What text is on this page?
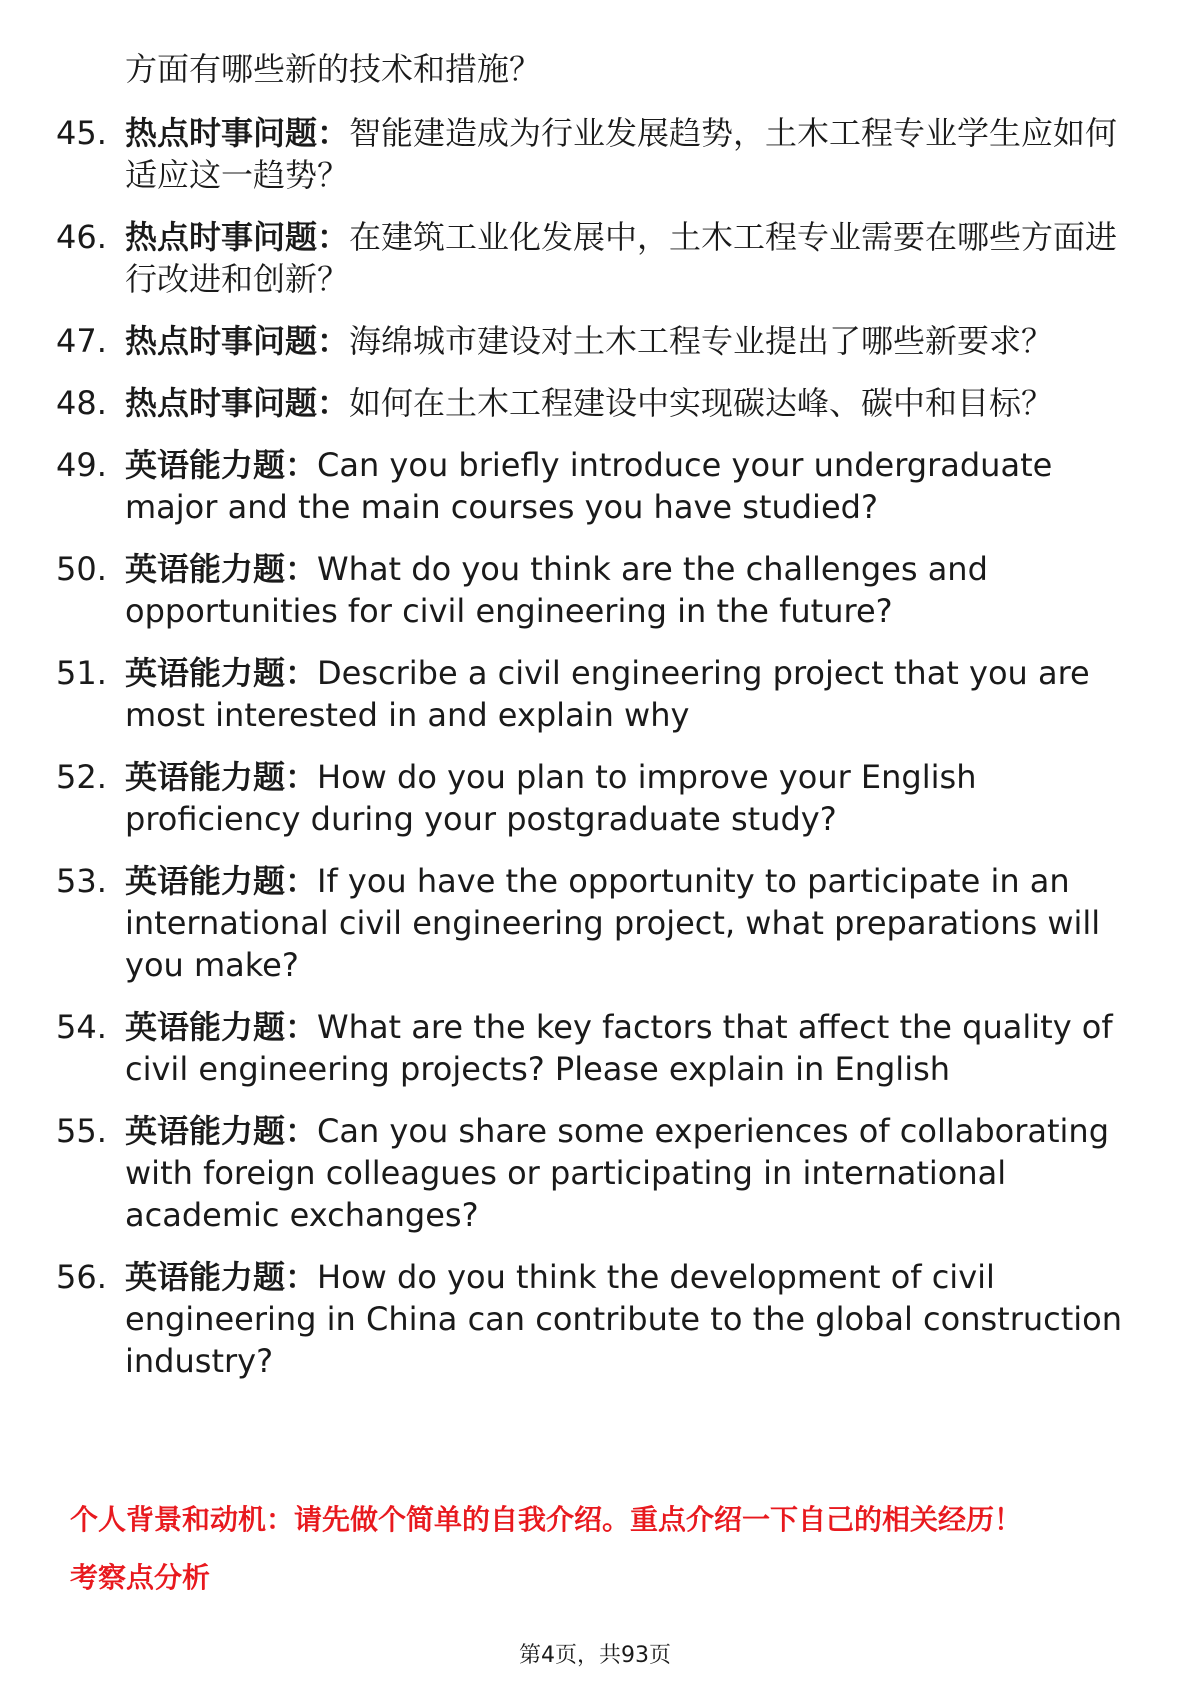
方面有哪些新的技术和措施？
45. 热点时事问题：智能建造成为行业发展趋势，土木工程专业学生应如何适应这一趋势？
46. 热点时事问题：在建筑工业化发展中，土木工程专业需要在哪些方面进行改进和创新？
47. 热点时事问题：海绵城市建设对土木工程专业提出了哪些新要求？
48. 热点时事问题：如何在土木工程建设中实现碳达峰、碳中和目标？
49. 英语能力题：Can you briefly introduce your undergraduate major and the main courses you have studied?
50. 英语能力题：What do you think are the challenges and opportunities for civil engineering in the future?
51. 英语能力题：Describe a civil engineering project that you are most interested in and explain why
52. 英语能力题：How do you plan to improve your English proficiency during your postgraduate study?
53. 英语能力题：If you have the opportunity to participate in an international civil engineering project, what preparations will you make?
54. 英语能力题：What are the key factors that affect the quality of civil engineering projects? Please explain in English
55. 英语能力题：Can you share some experiences of collaborating with foreign colleagues or participating in international academic exchanges?
56. 英语能力题：How do you think the development of civil engineering in China can contribute to the global construction industry?
个人背景和动机：请先做个简单的自我介绍。重点介绍一下自己的相关经历！
考察点分析
第4页，共93页
